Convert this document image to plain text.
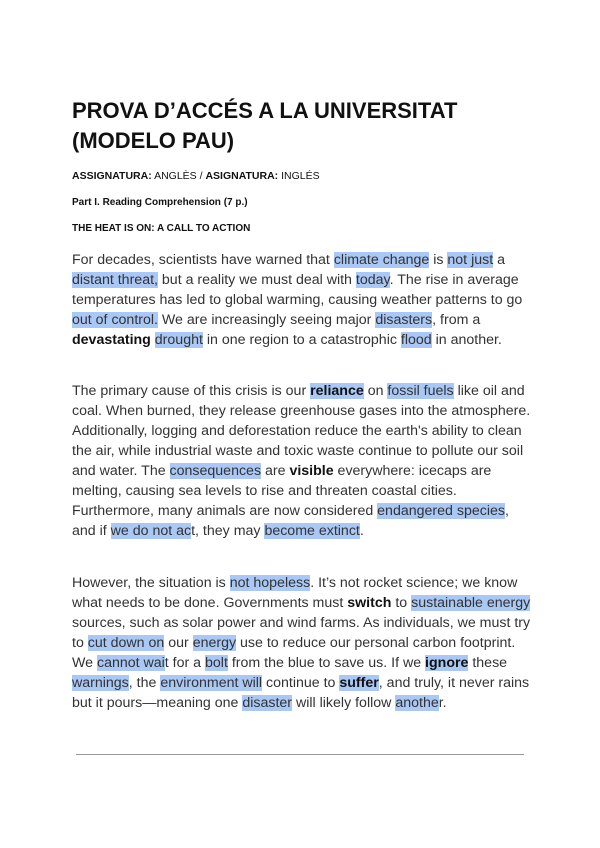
PROVA D’ACCÉS A LA UNIVERSITAT (MODELO PAU)
ASSIGNATURA: ANGLÈS / ASIGNATURA: INGLÉS
Part I. Reading Comprehension (7 p.)
THE HEAT IS ON: A CALL TO ACTION

For decades, scientists have warned that climate change is not just a distant threat, but a reality we must deal with today. The rise in average temperatures has led to global warming, causing weather patterns to go out of control. We are increasingly seeing major disasters, from a devastating drought in one region to a catastrophic flood in another.

The primary cause of this crisis is our reliance on fossil fuels like oil and coal. When burned, they release greenhouse gases into the atmosphere. Additionally, logging and deforestation reduce the earth's ability to clean the air, while industrial waste and toxic waste continue to pollute our soil and water. The consequences are visible everywhere: icecaps are melting, causing sea levels to rise and threaten coastal cities. Furthermore, many animals are now considered endangered species, and if we do not act, they may become extinct.

However, the situation is not hopeless. It’s not rocket science; we know what needs to be done. Governments must switch to sustainable energy sources, such as solar power and wind farms. As individuals, we must try to cut down on our energy use to reduce our personal carbon footprint. We cannot wait for a bolt from the blue to save us. If we ignore these warnings, the environment will continue to suffer, and truly, it never rains but it pours—meaning one disaster will likely follow another.
